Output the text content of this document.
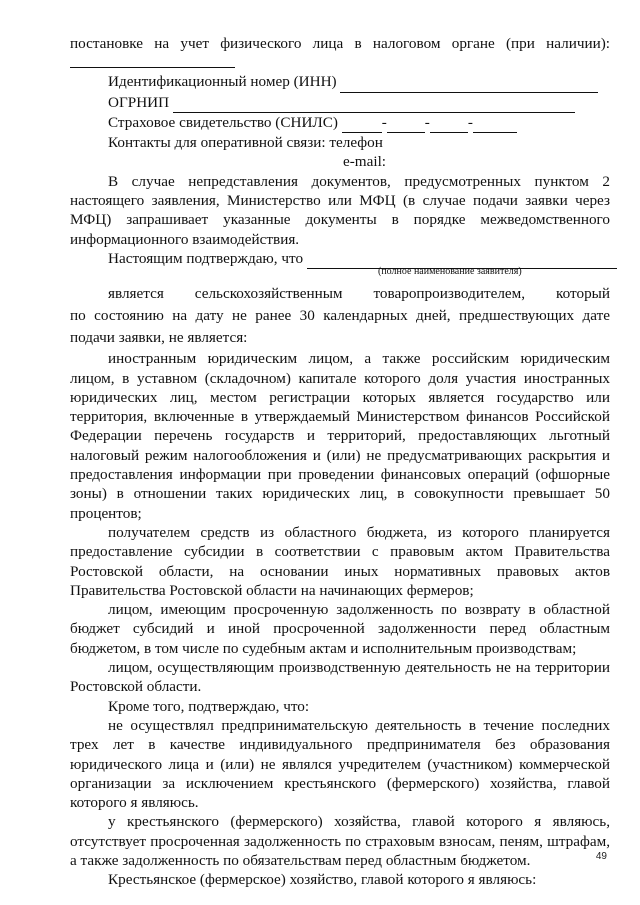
постановке на учет физического лица в налоговом органе (при наличии):

Идентификационный номер (ИНН)
ОГРНИП
Страховое свидетельство (СНИЛС)	-	-	-
Контакты для оперативной связи: телефон
e-mail:

В случае непредставления документов, предусмотренных пунктом 2 настоящего заявления, Министерство или МФЦ (в случае подачи заявки через МФЦ) запрашивает указанные документы в порядке межведомственного информационного взаимодействия.

Настоящим подтверждаю, что
(полное наименование заявителя)

является сельскохозяйственным товаропроизводителем, который

по состоянию на дату не ранее 30 календарных дней, предшествующих дате

подачи заявки, не является:

иностранным юридическим лицом, а также российским юридическим лицом, в уставном (складочном) капитале которого доля участия иностранных юридических лиц, местом регистрации которых является государство или территория, включенные в утверждаемый Министерством финансов Российской Федерации перечень государств и территорий, предоставляющих льготный налоговый режим налогообложения и (или) не предусматривающих раскрытия и предоставления информации при проведении финансовых операций (офшорные зоны) в отношении таких юридических лиц, в совокупности превышает 50 процентов;

получателем средств из областного бюджета, из которого планируется предоставление субсидии в соответствии с правовым актом Правительства Ростовской области, на основании иных нормативных правовых актов Правительства Ростовской области на начинающих фермеров;

лицом, имеющим просроченную задолженность по возврату в областной бюджет субсидий и иной просроченной задолженности перед областным бюджетом, в том числе по судебным актам и исполнительным производствам;

лицом, осуществляющим производственную деятельность не на территории Ростовской области.

Кроме того, подтверждаю, что:

не осуществлял предпринимательскую деятельность в течение последних трех лет в качестве индивидуального предпринимателя без образования юридического лица и (или) не являлся учредителем (участником) коммерческой организации за исключением крестьянского (фермерского) хозяйства, главой которого я являюсь.

у крестьянского (фермерского) хозяйства, главой которого я являюсь, отсутствует просроченная задолженность по страховым взносам, пеням, штрафам, а также задолженность по обязательствам перед областным бюджетом.

Крестьянское (фермерское) хозяйство, главой которого я являюсь:

49
